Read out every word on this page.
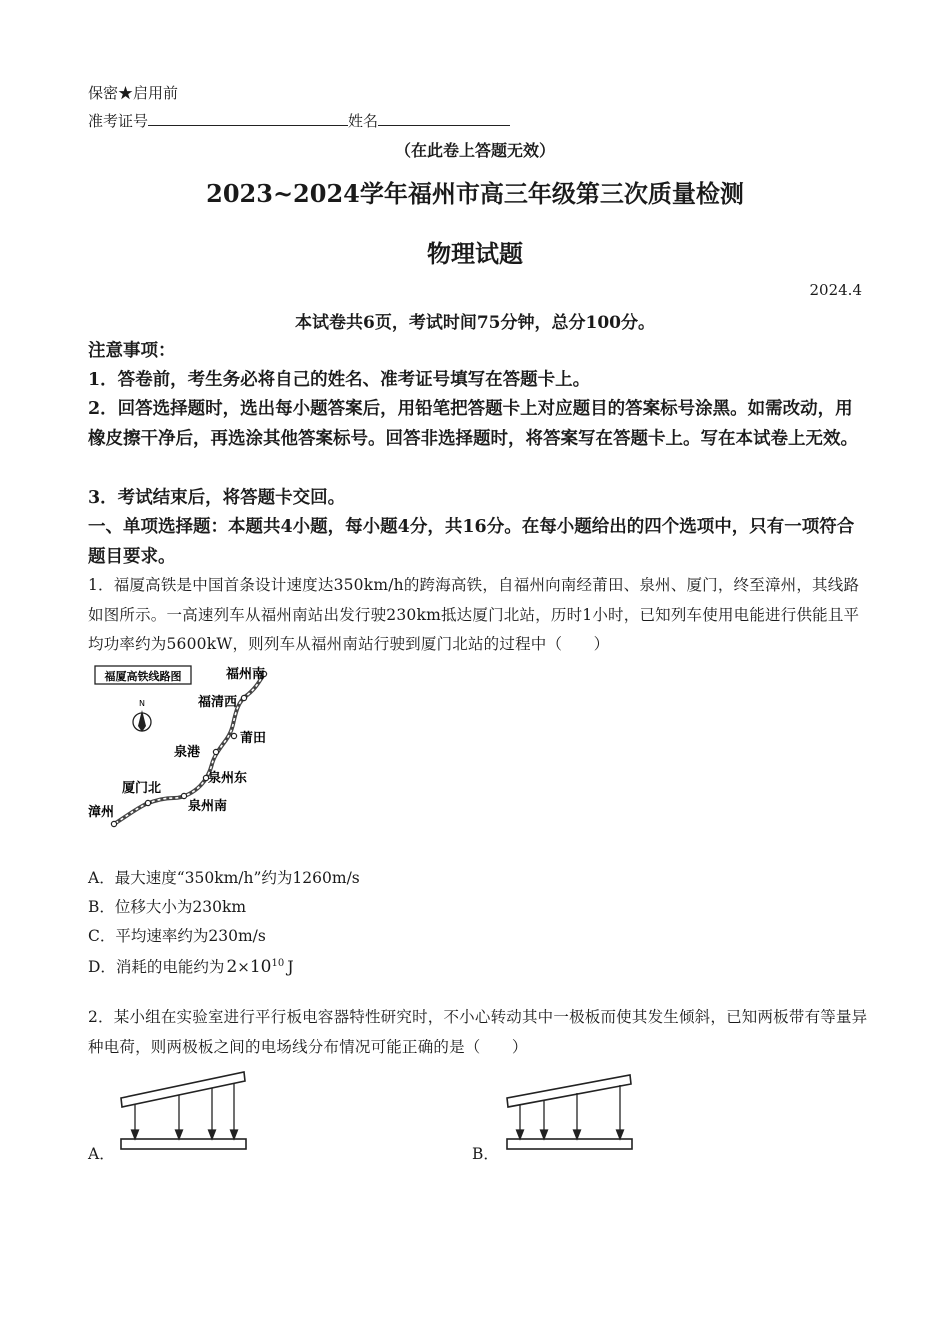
保密★启用前
准考证号	姓名
（在此卷上答题无效）
2023~2024学年福州市高三年级第三次质量检测
物理试题
2024.4
本试卷共6页，考试时间75分钟，总分100分。
注意事项：
1．答卷前，考生务必将自己的姓名、准考证号填写在答题卡上。
2．回答选择题时，选出每小题答案后，用铅笔把答题卡上对应题目的答案标号涂黑。如需改动，用橡皮擦干净后，再选涂其他答案标号。回答非选择题时，将答案写在答题卡上。写在本试卷上无效。
3．考试结束后，将答题卡交回。
一、单项选择题：本题共4小题，每小题4分，共16分。在每小题给出的四个选项中，只有一项符合题目要求。
1．福厦高铁是中国首条设计速度达350km/h的跨海高铁，自福州向南经莆田、泉州、厦门，终至漳州，其线路如图所示。一高速列车从福州南站出发行驶230km抵达厦门北站，历时1小时，已知列车使用电能进行供能且平均功率约为5600kW，则列车从福州南站行驶到厦门北站的过程中（　　）
福厦高铁线路图
N
福州南
福清西
莆田
泉港
泉州东
厦门北
泉州南
漳州
A．最大速度“350km/h”约为1260m/s
B．位移大小为230km
C．平均速率约为230m/s
D．消耗的电能约为 $2\times 10^{10}$ J
2．某小组在实验室进行平行板电容器特性研究时，不小心转动其中一极板而使其发生倾斜，已知两板带有等量异种电荷，则两极板之间的电场线分布情况可能正确的是（　　）
A．	B．
